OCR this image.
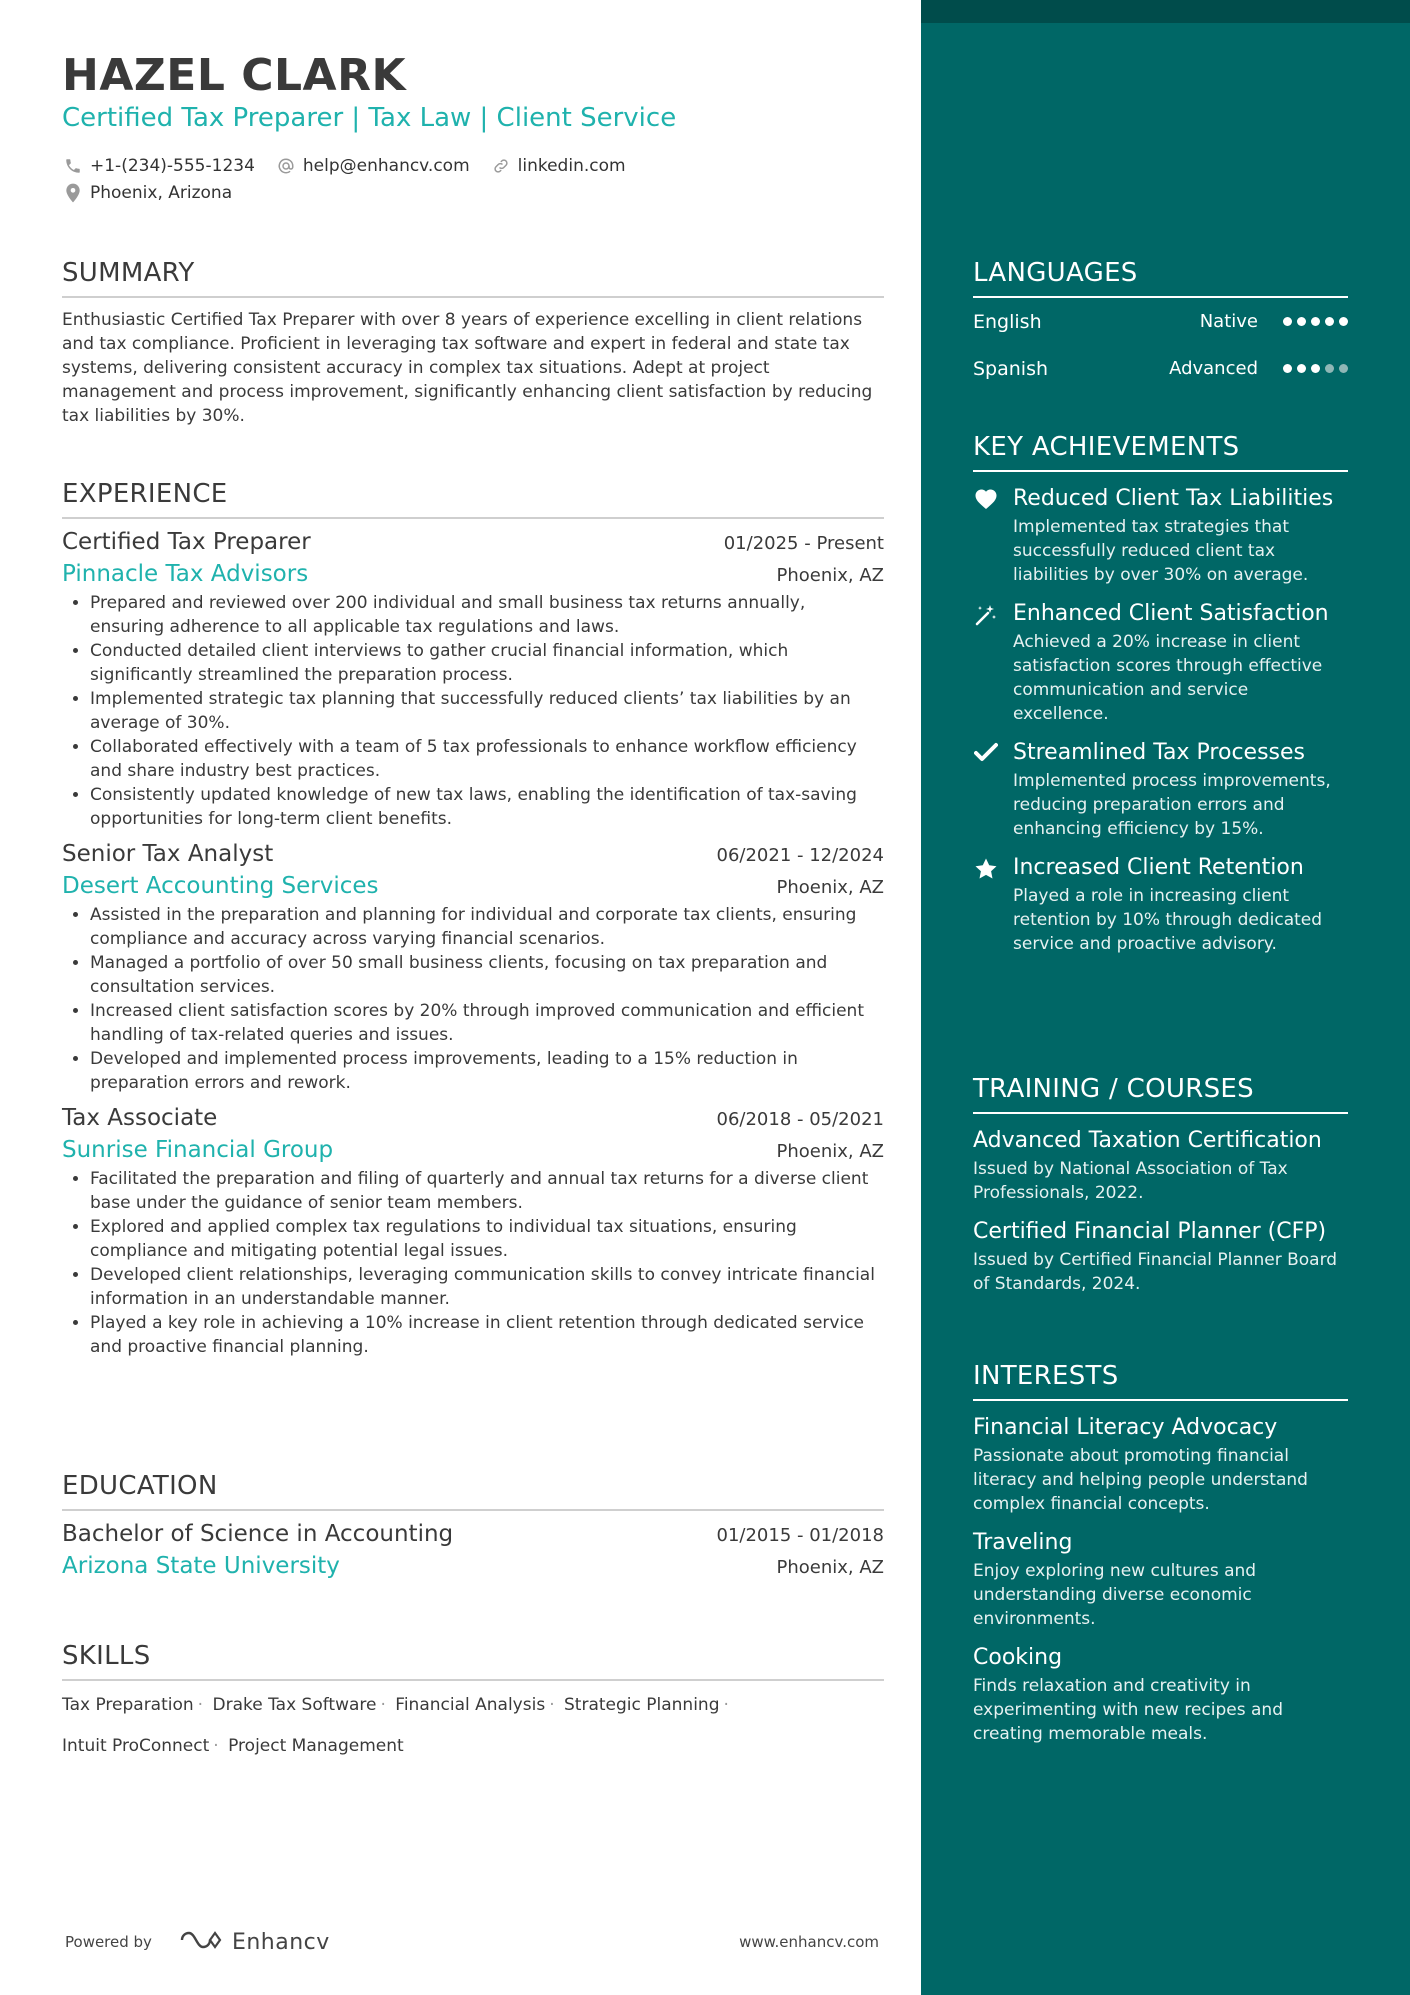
HAZEL CLARK
Certified Tax Preparer | Tax Law | Client Service
+1-(234)-555-1234	help@enhancv.com	linkedin.com
Phoenix, Arizona
SUMMARY
Enthusiastic Certified Tax Preparer with over 8 years of experience excelling in client relations and tax compliance. Proficient in leveraging tax software and expert in federal and state tax systems, delivering consistent accuracy in complex tax situations. Adept at project management and process improvement, significantly enhancing client satisfaction by reducing tax liabilities by 30%.
EXPERIENCE
Certified Tax Preparer	01/2025 - Present
Pinnacle Tax Advisors	Phoenix, AZ
• Prepared and reviewed over 200 individual and small business tax returns annually, ensuring adherence to all applicable tax regulations and laws.
• Conducted detailed client interviews to gather crucial financial information, which significantly streamlined the preparation process.
• Implemented strategic tax planning that successfully reduced clients’ tax liabilities by an average of 30%.
• Collaborated effectively with a team of 5 tax professionals to enhance workflow efficiency and share industry best practices.
• Consistently updated knowledge of new tax laws, enabling the identification of tax-saving opportunities for long-term client benefits.
Senior Tax Analyst	06/2021 - 12/2024
Desert Accounting Services	Phoenix, AZ
• Assisted in the preparation and planning for individual and corporate tax clients, ensuring compliance and accuracy across varying financial scenarios.
• Managed a portfolio of over 50 small business clients, focusing on tax preparation and consultation services.
• Increased client satisfaction scores by 20% through improved communication and efficient handling of tax-related queries and issues.
• Developed and implemented process improvements, leading to a 15% reduction in preparation errors and rework.
Tax Associate	06/2018 - 05/2021
Sunrise Financial Group	Phoenix, AZ
• Facilitated the preparation and filing of quarterly and annual tax returns for a diverse client base under the guidance of senior team members.
• Explored and applied complex tax regulations to individual tax situations, ensuring compliance and mitigating potential legal issues.
• Developed client relationships, leveraging communication skills to convey intricate financial information in an understandable manner.
• Played a key role in achieving a 10% increase in client retention through dedicated service and proactive financial planning.
EDUCATION
Bachelor of Science in Accounting	01/2015 - 01/2018
Arizona State University	Phoenix, AZ
SKILLS
Tax Preparation · Drake Tax Software · Financial Analysis · Strategic Planning ·
Intuit ProConnect · Project Management
Powered by	Enhancv	www.enhancv.com
LANGUAGES
English	Native
Spanish	Advanced
KEY ACHIEVEMENTS
Reduced Client Tax Liabilities
Implemented tax strategies that successfully reduced client tax liabilities by over 30% on average.
Enhanced Client Satisfaction
Achieved a 20% increase in client satisfaction scores through effective communication and service excellence.
Streamlined Tax Processes
Implemented process improvements, reducing preparation errors and enhancing efficiency by 15%.
Increased Client Retention
Played a role in increasing client retention by 10% through dedicated service and proactive advisory.
TRAINING / COURSES
Advanced Taxation Certification
Issued by National Association of Tax Professionals, 2022.
Certified Financial Planner (CFP)
Issued by Certified Financial Planner Board of Standards, 2024.
INTERESTS
Financial Literacy Advocacy
Passionate about promoting financial literacy and helping people understand complex financial concepts.
Traveling
Enjoy exploring new cultures and understanding diverse economic environments.
Cooking
Finds relaxation and creativity in experimenting with new recipes and creating memorable meals.
